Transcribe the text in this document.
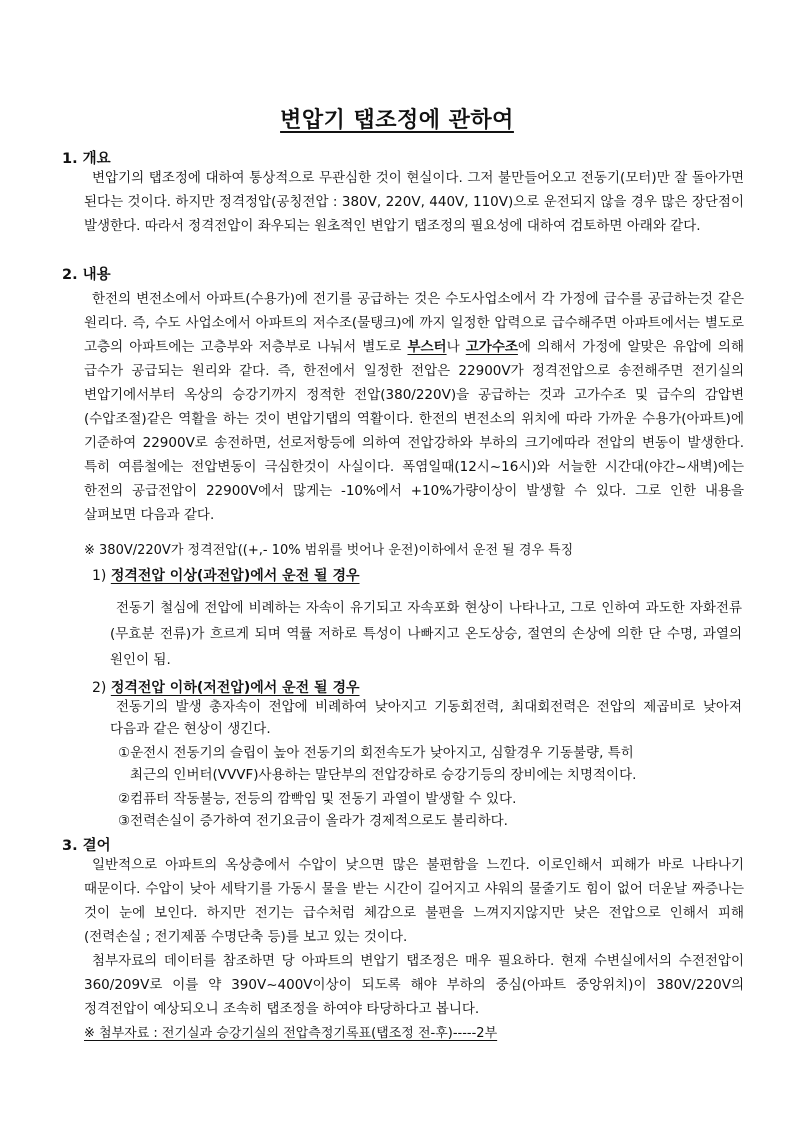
변압기 탭조정에 관하여
1. 개요
변압기의 탭조정에 대하여 통상적으로 무관심한 것이 현실이다. 그저 불만들어오고 전동기(모터)만 잘 돌아가면 된다는 것이다. 하지만 정격정압(공칭전압 : 380V, 220V, 440V, 110V)으로 운전되지 않을 경우 많은 장단점이 발생한다. 따라서 정격전압이 좌우되는 원초적인 변압기 탭조정의 필요성에 대하여 검토하면 아래와 같다.
2. 내용
한전의 변전소에서 아파트(수용가)에 전기를 공급하는 것은 수도사업소에서 각 가정에 급수를 공급하는것 같은 원리다. 즉, 수도 사업소에서 아파트의 저수조(물탱크)에 까지 일정한 압력으로 급수해주면 아파트에서는 별도로 고층의 아파트에는 고층부와 저층부로 나눠서 별도로 부스터나 고가수조에 의해서 가정에 알맞은 유압에 의해 급수가 공급되는 원리와 같다. 즉, 한전에서 일정한 전압은 22900V가 정격전압으로 송전해주면 전기실의 변압기에서부터 옥상의 승강기까지 정적한 전압(380/220V)을 공급하는 것과 고가수조 및 급수의 감압변(수압조절)같은 역활을 하는 것이 변압기탭의 역활이다. 한전의 변전소의 위치에 따라 가까운 수용가(아파트)에 기준하여 22900V로 송전하면, 선로저항등에 의하여 전압강하와 부하의 크기에따라 전압의 변동이 발생한다. 특히 여름철에는 전압변동이 극심한것이 사실이다. 폭염일때(12시~16시)와 서늘한 시간대(야간~새벽)에는 한전의 공급전압이 22900V에서 많게는 -10%에서 +10%가량이상이 발생할 수 있다. 그로 인한 내용을 살펴보면 다음과 같다.
※ 380V/220V가 정격전압((+,- 10% 범위를 벗어나 운전)이하에서 운전 될 경우 특징
1) 정격전압 이상(과전압)에서 운전 될 경우
전동기 철심에 전압에 비례하는 자속이 유기되고 자속포화 현상이 나타나고, 그로 인하여 과도한 자화전류(무효분 전류)가 흐르게 되며 역률 저하로 특성이 나빠지고 온도상승, 절연의 손상에 의한 단 수명, 과열의 원인이 됨.
2) 정격전압 이하(저전압)에서 운전 될 경우
전동기의 발생 총자속이 전압에 비례하여 낮아지고 기동회전력, 최대회전력은 전압의 제곱비로 낮아져 다음과 같은 현상이 생긴다.
①운전시 전동기의 슬립이 높아 전동기의 회전속도가 낮아지고, 심할경우 기동불량, 특히
최근의 인버터(VVVF)사용하는 말단부의 전압강하로 승강기등의 장비에는 치명적이다.
②컴퓨터 작동불능, 전등의 깜빡임 및 전동기 과열이 발생할 수 있다.
③전력손실이 증가하여 전기요금이 올라가 경제적으로도 불리하다.
3. 결어
일반적으로 아파트의 옥상층에서 수압이 낮으면 많은 불편함을 느낀다. 이로인해서 피해가 바로 나타나기 때문이다. 수압이 낮아 세탁기를 가동시 물을 받는 시간이 길어지고 샤워의 물줄기도 힘이 없어 더운날 짜증나는 것이 눈에 보인다. 하지만 전기는 급수처럼 체감으로 불편을 느껴지지않지만 낮은 전압으로 인해서 피해(전력손실 ; 전기제품 수명단축 등)를 보고 있는 것이다.
첨부자료의 데이터를 참조하면 당 아파트의 변압기 탭조정은 매우 필요하다. 현재 수변실에서의 수전전압이 360/209V로 이를 약 390V~400V이상이 되도록 해야 부하의 중심(아파트 중앙위치)이 380V/220V의 정격전압이 예상되오니 조속히 탭조정을 하여야 타당하다고 봅니다.
※ 첨부자료 : 전기실과 승강기실의 전압측정기록표(탭조정 전-후)-----2부
